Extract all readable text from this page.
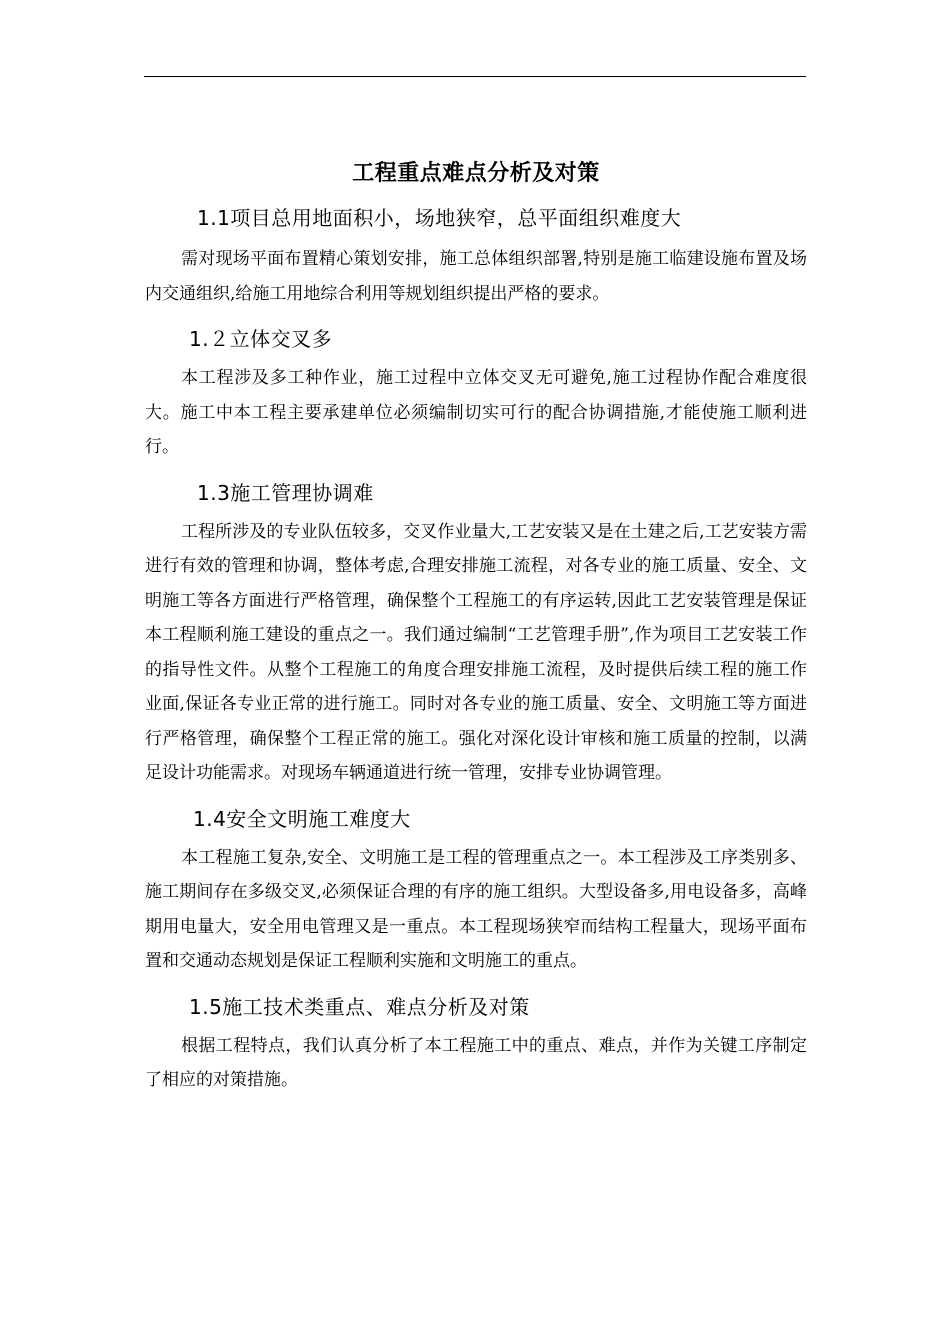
工程重点难点分析及对策
1.1项目总用地面积小，场地狭窄，总平面组织难度大

需对现场平面布置精心策划安排，施工总体组织部署,特别是施工临建设施布置及场内交通组织,给施工用地综合利用等规划组织提出严格的要求。

1.２立体交叉多

本工程涉及多工种作业，施工过程中立体交叉无可避免,施工过程协作配合难度很大。施工中本工程主要承建单位必须编制切实可行的配合协调措施,才能使施工顺利进行。

1.3施工管理协调难

工程所涉及的专业队伍较多，交叉作业量大,工艺安装又是在土建之后,工艺安装方需进行有效的管理和协调，整体考虑,合理安排施工流程，对各专业的施工质量、安全、文明施工等各方面进行严格管理，确保整个工程施工的有序运转,因此工艺安装管理是保证本工程顺利施工建设的重点之一。我们通过编制“工艺管理手册”,作为项目工艺安装工作的指导性文件。从整个工程施工的角度合理安排施工流程，及时提供后续工程的施工作业面,保证各专业正常的进行施工。同时对各专业的施工质量、安全、文明施工等方面进行严格管理，确保整个工程正常的施工。强化对深化设计审核和施工质量的控制，以满足设计功能需求。对现场车辆通道进行统一管理，安排专业协调管理。

1.4安全文明施工难度大

本工程施工复杂,安全、文明施工是工程的管理重点之一。本工程涉及工序类别多、施工期间存在多级交叉,必须保证合理的有序的施工组织。大型设备多,用电设备多，高峰期用电量大，安全用电管理又是一重点。本工程现场狭窄而结构工程量大，现场平面布置和交通动态规划是保证工程顺利实施和文明施工的重点。

1.5施工技术类重点、难点分析及对策

根据工程特点，我们认真分析了本工程施工中的重点、难点，并作为关键工序制定了相应的对策措施。
